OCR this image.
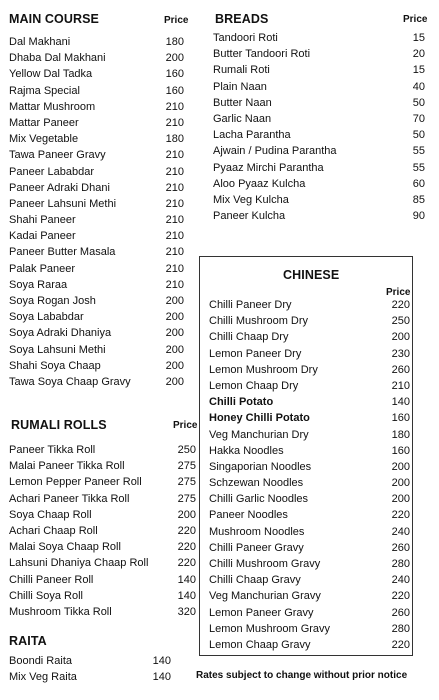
MAIN COURSE	Price
Dal Makhani	180
Dhaba Dal Makhani	200
Yellow Dal Tadka	160
Rajma Special	160
Mattar Mushroom	210
Mattar Paneer	210
Mix Vegetable	180
Tawa Paneer Gravy	210
Paneer Lababdar	210
Paneer Adraki Dhani	210
Paneer Lahsuni Methi	210
Shahi Paneer	210
Kadai Paneer	210
Paneer Butter Masala	210
Palak Paneer	210
Soya Raraa	210
Soya Rogan Josh	200
Soya Lababdar	200
Soya Adraki Dhaniya	200
Soya Lahsuni Methi	200
Shahi Soya Chaap	200
Tawa Soya Chaap Gravy	200
BREADS	Price
Tandoori Roti	15
Butter Tandoori Roti	20
Rumali Roti	15
Plain Naan	40
Butter Naan	50
Garlic Naan	70
Lacha Parantha	50
Ajwain / Pudina Parantha	55
Pyaaz Mirchi Parantha	55
Aloo Pyaaz Kulcha	60
Mix Veg Kulcha	85
Paneer Kulcha	90
CHINESE
Price
Chilli Paneer Dry	220
Chilli Mushroom Dry	250
Chilli Chaap Dry	200
Lemon Paneer Dry	230
Lemon Mushroom Dry	260
Lemon Chaap Dry	210
Chilli Potato	140
Honey Chilli Potato	160
Veg Manchurian Dry	180
Hakka Noodles	160
Singaporian Noodles	200
Schzewan Noodles	200
Chilli Garlic Noodles	200
Paneer Noodles	220
Mushroom Noodles	240
Chilli Paneer Gravy	260
Chilli Mushroom Gravy	280
Chilli Chaap Gravy	240
Veg Manchurian Gravy	220
Lemon Paneer Gravy	260
Lemon Mushroom Gravy	280
Lemon Chaap Gravy	220
RUMALI ROLLS	Price
Paneer Tikka Roll	250
Malai Paneer Tikka Roll	275
Lemon Pepper Paneer Roll	275
Achari Paneer Tikka Roll	275
Soya Chaap Roll	200
Achari Chaap Roll	220
Malai Soya Chaap Roll	220
Lahsuni Dhaniya Chaap Roll	220
Chilli Paneer Roll	140
Chilli Soya Roll	140
Mushroom Tikka Roll	320
RAITA
Boondi Raita	140
Mix Veg Raita	140	Rates subject to change without prior notice
